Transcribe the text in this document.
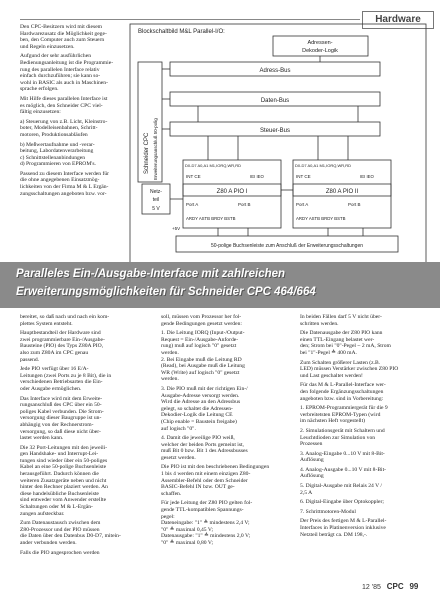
Hardware
Den CPC-Besitzern wird mit diesem
Hardwarezusatz die Möglichkeit gege-
ben, den Computer auch zum Steuern
und Regeln einzusetzen.

Aufgund der sehr ausführlichen
Bedienungsanleitung ist die Programmie-
rung des parallelen Interface relativ
einfach durchzuführen; sie kann so-
wohl in BASIC als auch in Maschinen-
sprache erfolgen.

Mit Hilfe dieses parallelen Interface ist
es möglich, den Schneider CPC viel-
fältig einzusetzen:

a) Steuerung von z.B. Licht, Kleinstro-
boter, Modelleisenbahnen, Schritt-
motoren, Produktionsabläufen

b) Meßwertaufnahme und -verar-
beitung, Labordatenverarbeitung
c) Schnittstellenanbindungen
d) Programmieren von EPROM's.

Passend zu diesem Interface werden für
die ohne angegebenen Einsatzmög-
lichkeiten von der Firma M & L Ergän-
zungsschaltungen angeboten bzw. vor-
Blockschaltbild M&L Parallel-I/O:
Adressen-
Dekoder-Logik
Adress-Bus
Daten-Bus
Steuer-Bus
Schneider CPC Erweiterungsanschluß 50-polig
Netz-
teil
5 V
D0-D7 A0,A1 M1,IORQ,WR,RD	D0-D7 A0,A1 M1,IORQ,WR,RD
INT CE	INT CE
Z80 A PIO I	Z80 A PIO II
Port A	Port B	Port A	Port B
ARDY ASTB BRDY BSTB	ARDY ASTB BRDY BSTB
IEI IEO	IEI IEO
+5V
50-polige Buchsenleiste zum Anschluß der Erweiterungsschaltungen
Paralleles Ein-/Ausgabe-Interface mit zahlreichen
Erweiterungsmöglichkeiten für Schneider CPC 464/664
bereitet, so daß nach und nach ein kom-
plettes System entsteht.

Hauptbestandteil der Hardware sind
zwei programmierbare Ein-/Ausgabe-
Bausteine (PIO) des Typs Z80A PIO,
also zum Z80A im CPC genau
passend.

Jede PIO verfügt über 16 E/A-
Leitungen (zwei Ports zu je 8 Bit), die in
verschiedenen Betriebsarten die Ein-
oder Ausgabe ermöglichen.

Das Interface wird mit dem Erweite-
rungsanschluß des CPC über ein 50-
poliges Kabel verbunden. Die Strom-
versorgung dieser Baugruppe ist un-
abhängig von der Rechnerstrom-
versorgung, so daß diese nicht über-
lastet werden kann.

Die 32 Port-Leitungen mit den jeweili-
gen Handshake- und Interrupt-Lei-
tungen sind wieder über ein 50-poliges
Kabel an eine 50-polige Buchsenleiste
herausgeführt. Dadurch können die
weiteren Zusatzgeräte neben und nicht
hinter den Rechner plaziert werden. An
diese handelsübliche Buchsenleiste
sind entweder vom Anwender erstellte
Schaltungen oder M & L-Ergän-
zungen aufsteckbar.

Zum Datenaustausch zwischen dem
Z80-Prozessor und der PIO müssen
die Daten über den Datenbus D0-D7, mitein-
ander verbunden werden.

Falls die PIO angesprochen werden
soll, müssen vom Prozessor her fol-
gende Bedingungen gesetzt werden:

1. Die Leitung IORQ (Input-/Output-
Request = Ein-/Ausgabe-Anforde-
rung) muß auf logisch "0" gesetzt
werden.
2. Bei Eingabe muß die Leitung RD
(Read), bei Ausgabe muß die Leitung
WR (Write) auf logisch "0" gesetzt
werden.

3. Die PIO muß mit der richtigen Ein-/
Ausgabe-Adresse versorgt werden.
Wird die Adresse an den Adressbus
gelegt, so schaltet die Adressen-
Dekodier-Logik die Leitung CE
(Chip enable = Baustein freigabe)
auf logisch "0".

4. Damit die jeweilige PIO weiß,
welcher der beiden Ports gemeint ist,
muß Bit 0 bzw. Bit 1 des Adressbusses
gesetzt werden.

Die PIO ist mit den beschriebenen Bedingungen
1 bis 4 werden mit einem einzigen Z80-
Assembler-Befehl oder dem Schneider
BASIC-Befehl IN bzw. OUT ge-
schaffen.

Für jede Leitung der Z80 PIO gelten fol-
gende TTL-kompatiblen Spannungs-
pegel:
Dateneingabe: "1" ≙ mindestens 2,4 V;
"0" ≙ maximal 0,45 V;
Datenausgabe: "1" ≙ mindestens 2,0 V;
"0" ≙ maximal 0,80 V;
In beiden Fällen darf 5 V nicht über-
schritten werden.

Die Datenausgabe der Z80 PIO kann
einen TTL-Eingang belastet wer-
den; Strom bei "0"-Pegel ~ 2 mA, Strom
bei "1"-Pegel ≙ 400 mA.

Zum Schalten größerer Lasten (z.B.
LED) müssen Verstärker zwischen Z80 PIO
und Last geschaltet werden!

Für das M & L-Parallel-Interface wer-
den folgende Ergänzungsschaltungen
angeboten bzw. sind in Vorbereitung:

1. EPROM-Programmiergerät für die 9
verbreitetsten EPROM-Typen (wird
im nächsten Heft vorgestellt)

2. Simulationsgerät mit Schaltern und
Leuchtdioden zur Simulation von
Prozessen

3. Analog-Eingabe 0...10 V mit 8-Bit-
Auflösung

4. Analog-Ausgabe 0...10 V mit 8-Bit-
Auflösung

5. Digital-Ausgabe mit Relais 24 V /
2,5 A

6. Digital-Eingabe über Optokoppler;

7. Schrittmotoren-Modul

Der Preis des fertigen M & L-Parallel-
Interfaces in Platinenversion inklusive
Netzteil beträgt ca. DM 198,-.
12 '85 CPC 99
